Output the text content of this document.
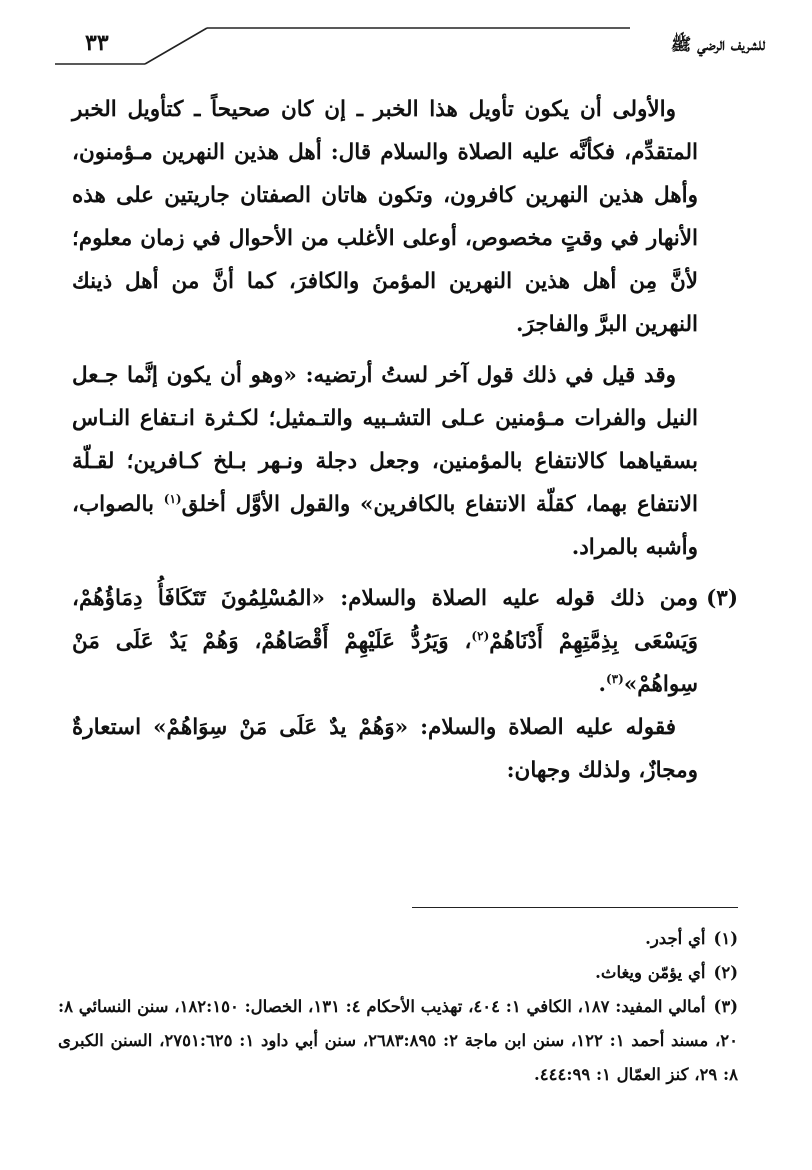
٣٣	للشريف الرضي ﷺ

والأولى أن يكون تأويل هذا الخبر ـ إن كان صحيحاً ـ كتأويل الخبر المتقدِّم، فكأنَّه عليه الصلاة والسلام قال: أهل هذين النهرين مـؤمنون، وأهل هذين النهرين كافرون، وتكون هاتان الصفتان جاريتين على هذه الأنهار في وقتٍ مخصوص، أوعلى الأغلب من الأحوال في زمان معلوم؛ لأنَّ مِن أهل هذين النهرين المؤمنَ والكافرَ، كما أنَّ من أهل ذينك النهرين البرَّ والفاجرَ.

وقد قيل في ذلك قول آخر لستُ أرتضيه: «وهو أن يكون إنَّما جـعل النيل والفرات مـؤمنين عـلى التشـبيه والتـمثيل؛ لكـثرة انـتفاع النـاس بسقياهما كالانتفاع بالمؤمنين، وجعل دجلة ونـهر بـلخ كـافرين؛ لقـلّة الانتفاع بهما، كقلّة الانتفاع بالكافرين» والقول الأوَّل أخلق$^{(١)}$ بالصواب، وأشبه بالمراد.

(٣)

ومن ذلك قوله عليه الصلاة والسلام: «المُسْلِمُونَ تَتَكَافَأُ دِمَاؤُهُمْ، وَيَسْعَى بِذِمَّتِهِمْ أَدْنَاهُمْ$^{(٢)}$، وَيَرُدُّ عَلَيْهِمْ أَقْصَاهُمْ، وَهُمْ يَدٌ عَلَى مَنْ سِواهُمْ»$^{(٣)}$.

فقوله عليه الصلاة والسلام: «وَهُمْ يدٌ عَلَى مَنْ سِوَاهُمْ» استعارةٌ ومجازٌ، ولذلك وجهان:

(١)أي أجدر.

(٢)أي يؤمّن ويغاث.

(٣)أمالي المفيد: ١٨٧، الكافي ١: ٤٠٤، تهذيب الأحكام ٤: ١٣١، الخصال: ١٨٢:١٥٠، سنن النسائي ٨: ٢٠، مسند أحمد ١: ١٢٢، سنن ابن ماجة ٢: ٢٦٨٣:٨٩٥، سنن أبي داود ١: ٢٧٥١:٦٢٥، السنن الكبرى ٨: ٢٩، كنز العمّال ١: ٤٤٤:٩٩.
